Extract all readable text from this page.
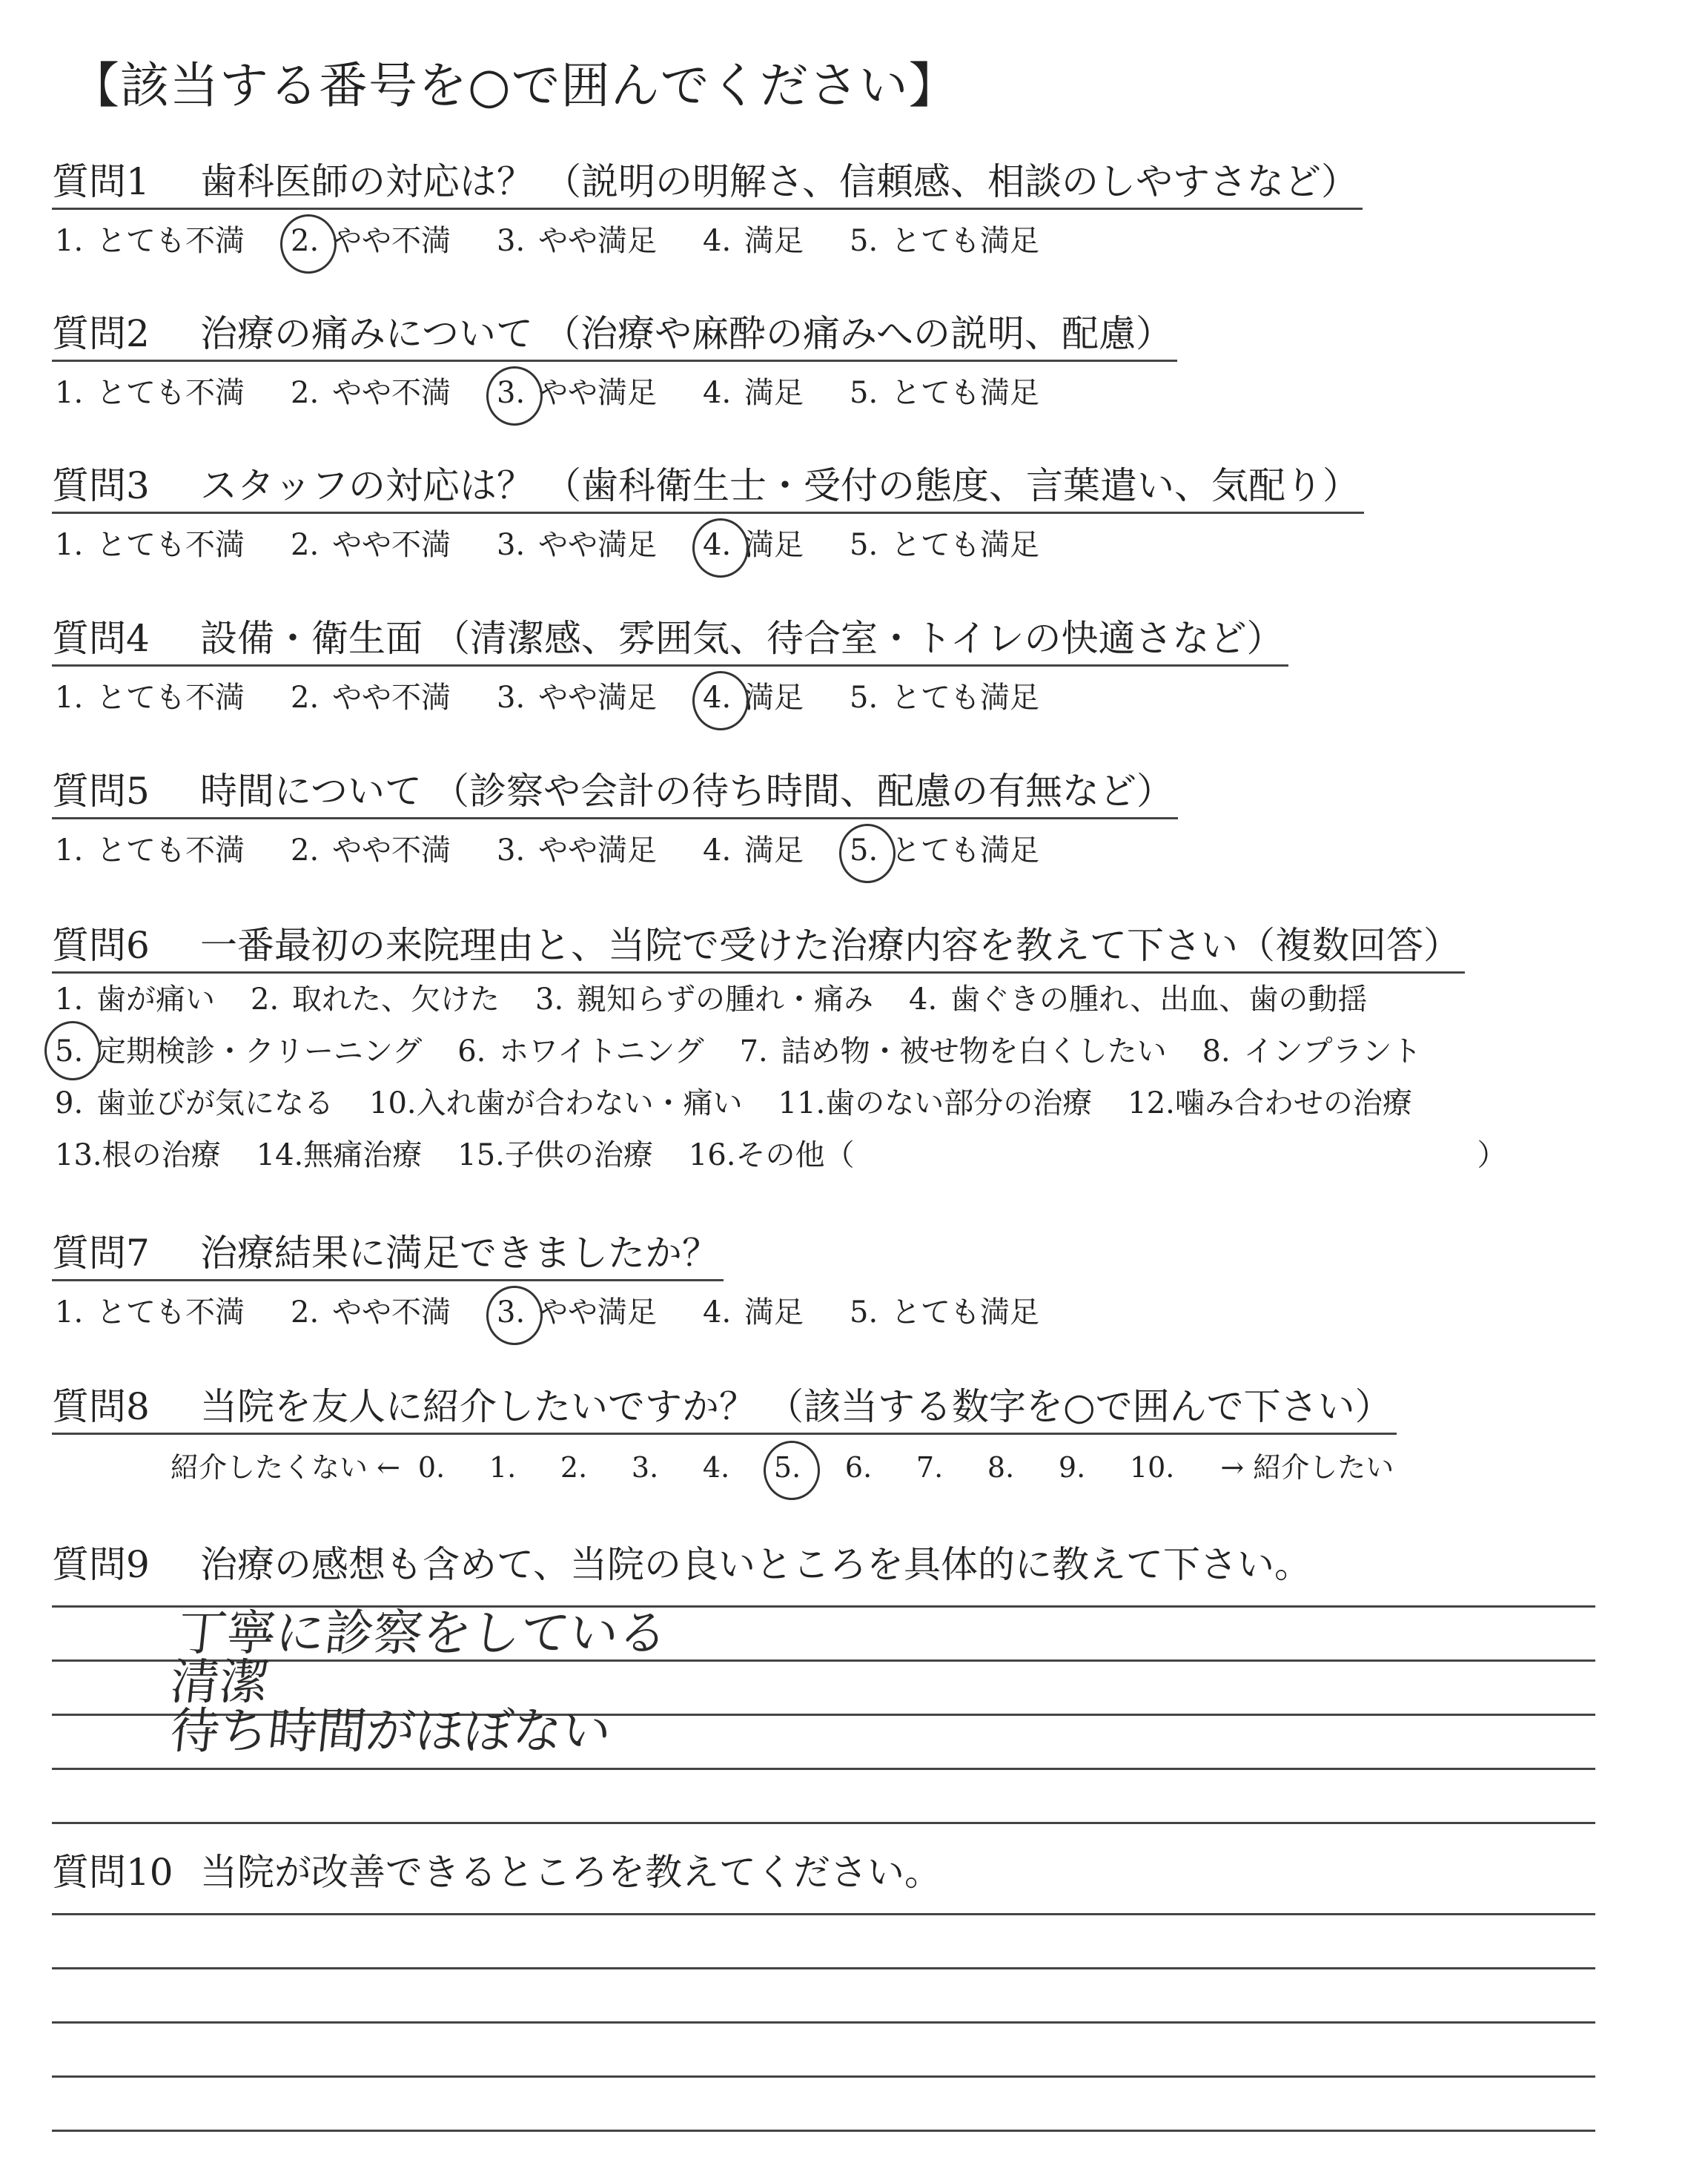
【該当する番号を○で囲んでください】
質問1 歯科医師の対応は？ （説明の明解さ、信頼感、相談のしやすさなど）
1. とても不満 2. やや不満 3. やや満足 4. 満足 5. とても満足
質問2 治療の痛みについて （治療や麻酔の痛みへの説明、配慮）
1. とても不満 2. やや不満 3. やや満足 4. 満足 5. とても満足
質問3 スタッフの対応は？ （歯科衛生士・受付の態度、言葉遣い、気配り）
1. とても不満 2. やや不満 3. やや満足 4. 満足 5. とても満足
質問4 設備・衛生面 （清潔感、雰囲気、待合室・トイレの快適さなど）
1. とても不満 2. やや不満 3. やや満足 4. 満足 5. とても満足
質問5 時間について （診察や会計の待ち時間、配慮の有無など）
1. とても不満 2. やや不満 3. やや満足 4. 満足 5. とても満足
質問6 一番最初の来院理由と、当院で受けた治療内容を教えて下さい（複数回答）
1. 歯が痛い 2. 取れた、欠けた 3. 親知らずの腫れ・痛み 4. 歯ぐきの腫れ、出血、歯の動揺
5. 定期検診・クリーニング 6. ホワイトニング 7. 詰め物・被せ物を白くしたい 8. インプラント
9. 歯並びが気になる 10. 入れ歯が合わない・痛い 11. 歯のない部分の治療 12. 噛み合わせの治療
13. 根の治療 14. 無痛治療 15. 子供の治療 16. その他（　　　　　　　　　　　　　　　　　　　　　）
質問7 治療結果に満足できましたか？
1. とても不満 2. やや不満 3. やや満足 4. 満足 5. とても満足
質問8 当院を友人に紹介したいですか？ （該当する数字を○で囲んで下さい）
紹介したくない ← 0.	1.	2.	3.	4.	5.	6.	7.	8.	9.	10. → 紹介したい
質問9 治療の感想も含めて、当院の良いところを具体的に教えて下さい。
丁寧に診察をしている
清潔
待ち時間がほぼない
質問10 当院が改善できるところを教えてください。
